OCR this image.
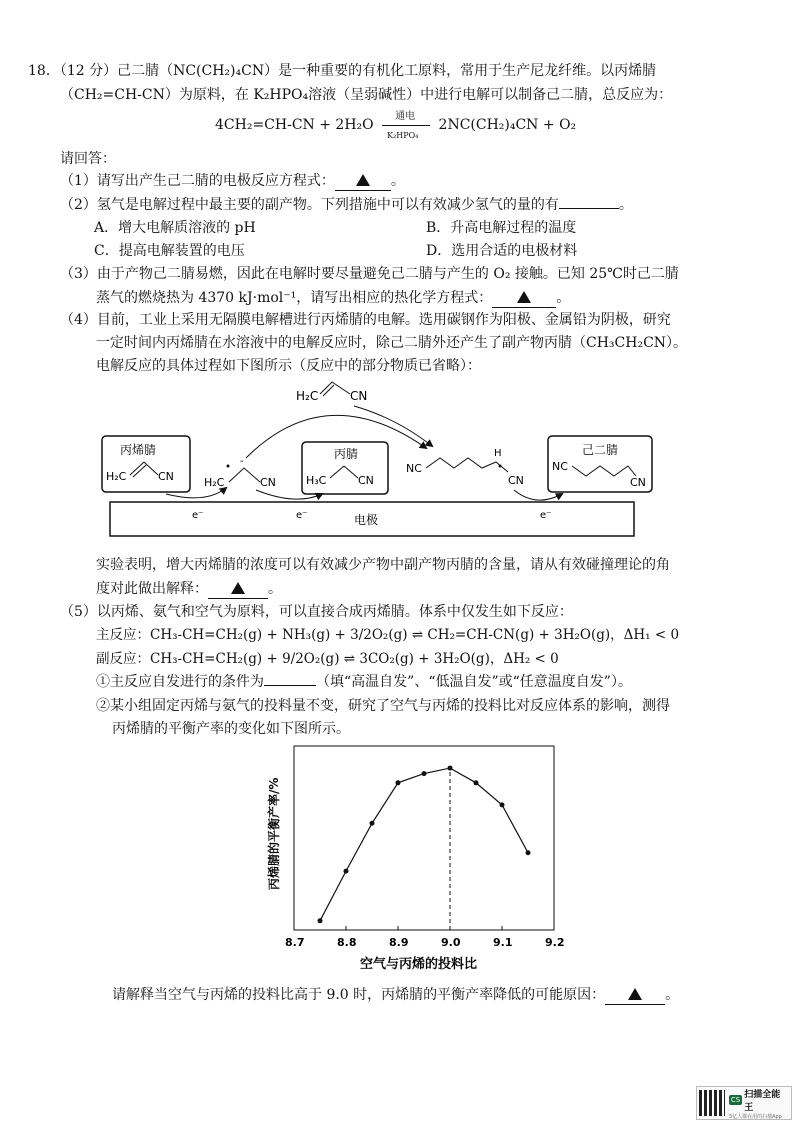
18．（12 分）己二腈（NC(CH₂)₄CN）是一种重要的有机化工原料，常用于生产尼龙纤维。以丙烯腈
（CH₂=CH-CN）为原料，在 K₂HPO₄溶液（呈弱碱性）中进行电解可以制备己二腈，总反应为：
4CH₂=CH-CN + 2H₂O
通电
K₂HPO₄
2NC(CH₂)₄CN + O₂
请回答：
（1）请写出产生己二腈的电极反应方程式：	。
（2）氢气是电解过程中最主要的副产物。下列措施中可以有效减少氢气的量的有	。
A．增大电解质溶液的 pH	B．升高电解过程的温度
C．提高电解装置的电压	D．选用合适的电极材料
（3）由于产物己二腈易燃，因此在电解时要尽量避免己二腈与产生的 O₂ 接触。已知 25℃时己二腈
蒸气的燃烧热为 4370 kJ·mol⁻¹，请写出相应的热化学方程式：	。
（4）目前，工业上采用无隔膜电解槽进行丙烯腈的电解。选用碳钢作为阳极、金属铅为阴极，研究
一定时间内丙烯腈在水溶液中的电解反应时，除己二腈外还产生了副产物丙腈（CH₃CH₂CN）。
电解反应的具体过程如下图所示（反应中的部分物质已省略）：
H₂C	CN
丙烯腈
H₂C	CN	H₂C
-
CN
丙腈
H₃C	CN
NC
H
CN
己二腈
NC
CN
电极
e⁻	e⁻	e⁻
实验表明，增大丙烯腈的浓度可以有效减少产物中副产物丙腈的含量，请从有效碰撞理论的角
度对此做出解释：	。
（5）以丙烯、氨气和空气为原料，可以直接合成丙烯腈。体系中仅发生如下反应：
主反应：CH₃-CH=CH₂(g) + NH₃(g) + 3/2O₂(g) ⇌ CH₂=CH-CN(g) + 3H₂O(g)，ΔH₁ < 0
副反应：CH₃-CH=CH₂(g) + 9/2O₂(g) ⇌ 3CO₂(g) + 3H₂O(g)，ΔH₂ < 0
①主反应自发进行的条件为	（填“高温自发”、“低温自发”或“任意温度自发”）。
②某小组固定丙烯与氨气的投料量不变，研究了空气与丙烯的投料比对反应体系的影响，测得
丙烯腈的平衡产率的变化如下图所示。
8.7	8.8	8.9	9.0	9.1	9.2
丙烯腈的平衡产率/%
空气与丙烯的投料比
请解释当空气与丙烯的投料比高于 9.0 时，丙烯腈的平衡产率降低的可能原因：	。
CS 扫描全能王
3亿人都在用的扫描App
